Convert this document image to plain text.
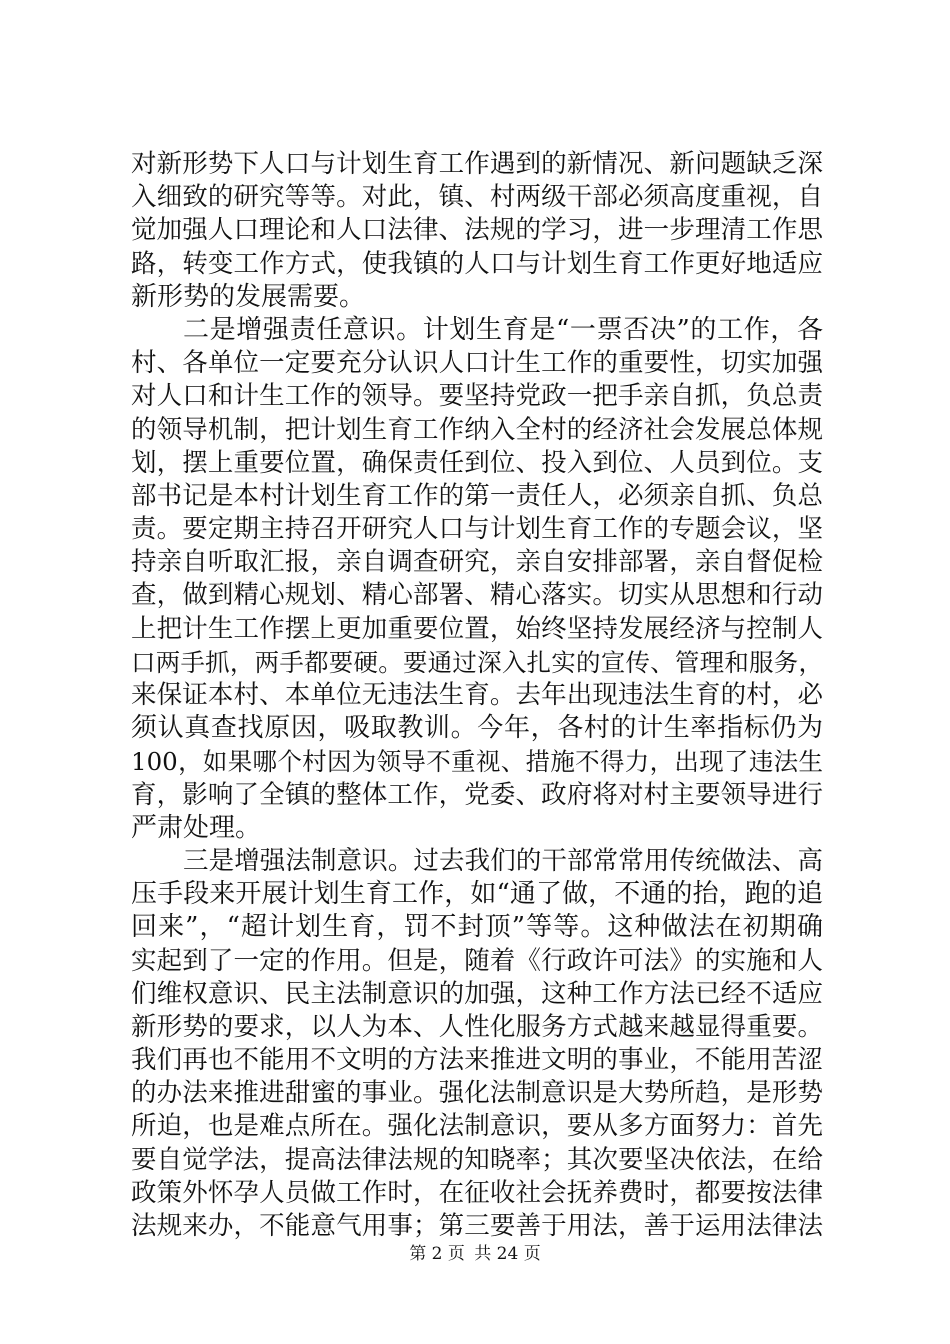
对新形势下人口与计划生育工作遇到的新情况、新问题缺乏深
入细致的研究等等。对此，镇、村两级干部必须高度重视，自
觉加强人口理论和人口法律、法规的学习，进一步理清工作思
路，转变工作方式，使我镇的人口与计划生育工作更好地适应
新形势的发展需要。
二是增强责任意识。计划生育是“一票否决”的工作，各
村、各单位一定要充分认识人口计生工作的重要性，切实加强
对人口和计生工作的领导。要坚持党政一把手亲自抓，负总责
的领导机制，把计划生育工作纳入全村的经济社会发展总体规
划，摆上重要位置，确保责任到位、投入到位、人员到位。支
部书记是本村计划生育工作的第一责任人，必须亲自抓、负总
责。要定期主持召开研究人口与计划生育工作的专题会议，坚
持亲自听取汇报，亲自调查研究，亲自安排部署，亲自督促检
查，做到精心规划、精心部署、精心落实。切实从思想和行动
上把计生工作摆上更加重要位置，始终坚持发展经济与控制人
口两手抓，两手都要硬。要通过深入扎实的宣传、管理和服务，
来保证本村、本单位无违法生育。去年出现违法生育的村，必
须认真查找原因，吸取教训。今年，各村的计生率指标仍为
100，如果哪个村因为领导不重视、措施不得力，出现了违法生
育，影响了全镇的整体工作，党委、政府将对村主要领导进行
严肃处理。
三是增强法制意识。过去我们的干部常常用传统做法、高
压手段来开展计划生育工作，如“通了做，不通的抬，跑的追
回来”，“超计划生育，罚不封顶”等等。这种做法在初期确
实起到了一定的作用。但是，随着《行政许可法》的实施和人
们维权意识、民主法制意识的加强，这种工作方法已经不适应
新形势的要求，以人为本、人性化服务方式越来越显得重要。
我们再也不能用不文明的方法来推进文明的事业，不能用苦涩
的办法来推进甜蜜的事业。强化法制意识是大势所趋，是形势
所迫，也是难点所在。强化法制意识，要从多方面努力：首先
要自觉学法，提高法律法规的知晓率；其次要坚决依法，在给
政策外怀孕人员做工作时，在征收社会抚养费时，都要按法律
法规来办，不能意气用事；第三要善于用法，善于运用法律法
第 2 页 共 24 页
